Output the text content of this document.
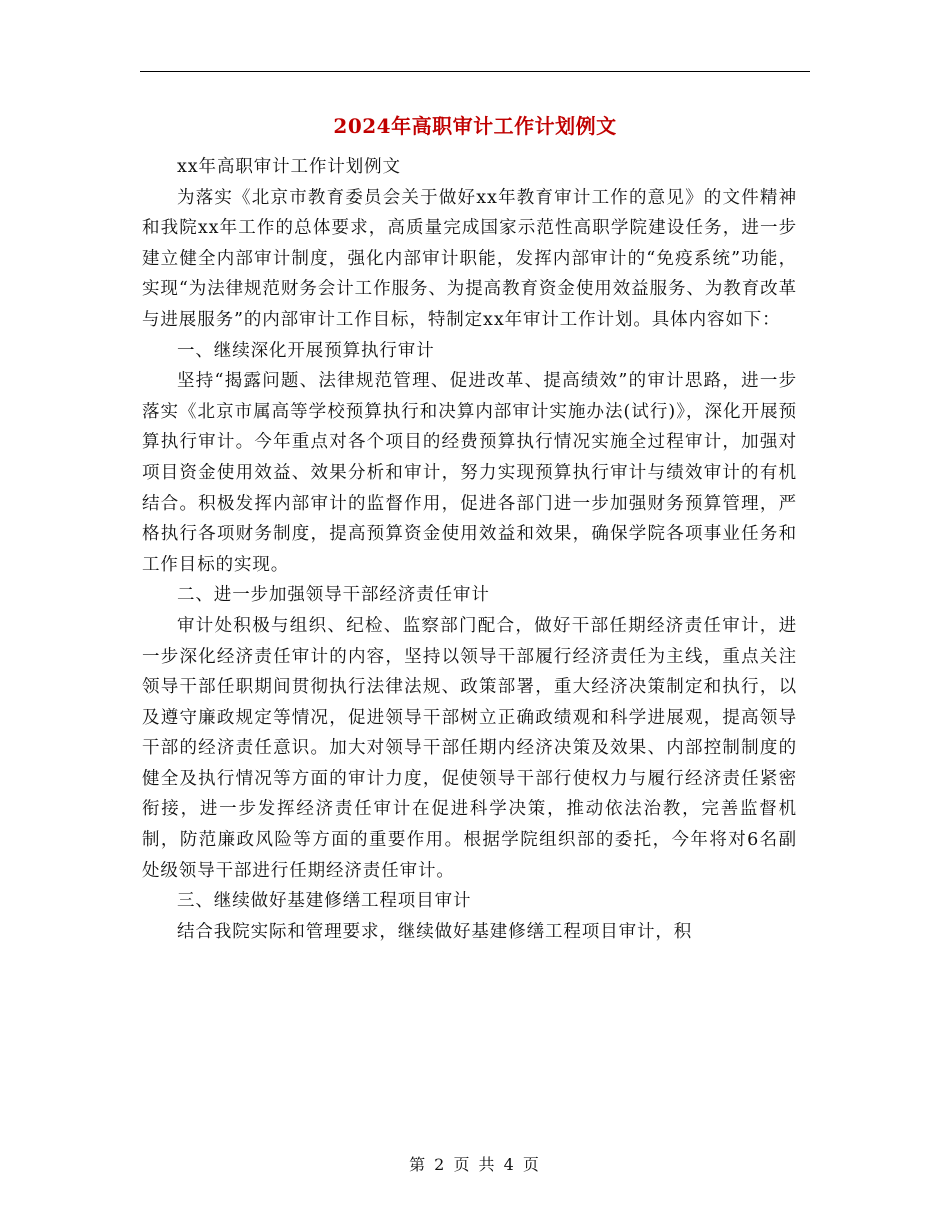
2024年高职审计工作计划例文

xx年高职审计工作计划例文

为落实《北京市教育委员会关于做好xx年教育审计工作的意见》的文件精神和我院xx年工作的总体要求，高质量完成国家示范性高职学院建设任务，进一步建立健全内部审计制度，强化内部审计职能，发挥内部审计的“免疫系统”功能，实现“为法律规范财务会计工作服务、为提高教育资金使用效益服务、为教育改革与进展服务”的内部审计工作目标，特制定xx年审计工作计划。具体内容如下：

一、继续深化开展预算执行审计

坚持“揭露问题、法律规范管理、促进改革、提高绩效”的审计思路，进一步落实《北京市属高等学校预算执行和决算内部审计实施办法(试行)》，深化开展预算执行审计。今年重点对各个项目的经费预算执行情况实施全过程审计，加强对项目资金使用效益、效果分析和审计，努力实现预算执行审计与绩效审计的有机结合。积极发挥内部审计的监督作用，促进各部门进一步加强财务预算管理，严格执行各项财务制度，提高预算资金使用效益和效果，确保学院各项事业任务和工作目标的实现。

二、进一步加强领导干部经济责任审计

审计处积极与组织、纪检、监察部门配合，做好干部任期经济责任审计，进一步深化经济责任审计的内容，坚持以领导干部履行经济责任为主线，重点关注领导干部任职期间贯彻执行法律法规、政策部署，重大经济决策制定和执行，以及遵守廉政规定等情况，促进领导干部树立正确政绩观和科学进展观，提高领导干部的经济责任意识。加大对领导干部任期内经济决策及效果、内部控制制度的健全及执行情况等方面的审计力度，促使领导干部行使权力与履行经济责任紧密衔接，进一步发挥经济责任审计在促进科学决策，推动依法治教，完善监督机制，防范廉政风险等方面的重要作用。根据学院组织部的委托，今年将对6名副处级领导干部进行任期经济责任审计。

三、继续做好基建修缮工程项目审计

结合我院实际和管理要求，继续做好基建修缮工程项目审计，积

第 2 页 共 4 页
